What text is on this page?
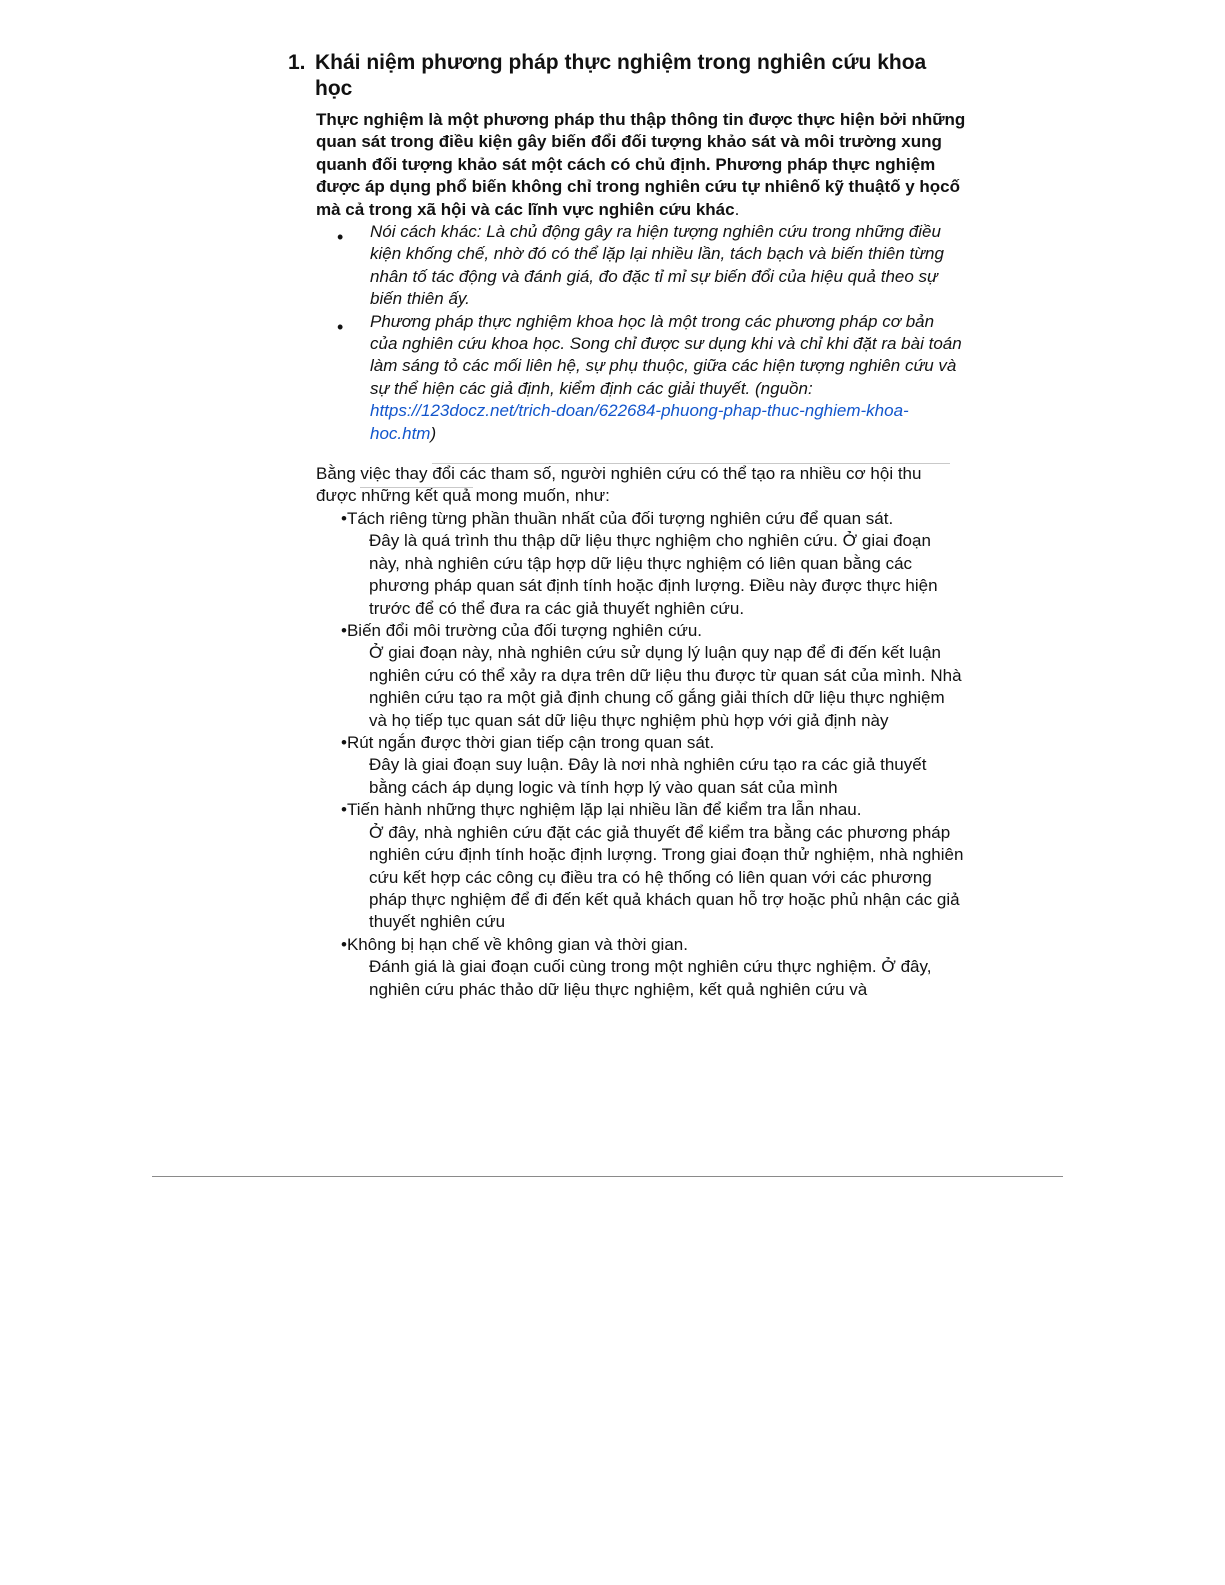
1. Khái niệm phương pháp thực nghiệm trong nghiên cứu khoa học
Thực nghiệm là một phương pháp thu thập thông tin được thực hiện bởi những quan sát trong điều kiện gây biến đổi đối tượng khảo sát và môi trường xung quanh đối tượng khảo sát một cách có chủ định. Phương pháp thực nghiệm được áp dụng phổ biến không chỉ trong nghiên cứu tự nhiênố kỹ thuậtố y họcố mà cả trong xã hội và các lĩnh vực nghiên cứu khác.
• Nói cách khác: Là chủ động gây ra hiện tượng nghiên cứu trong những điều kiện khống chế, nhờ đó có thể lặp lại nhiều lần, tách bạch và biến thiên từng nhân tố tác động và đánh giá, đo đặc tỉ mỉ sự biến đổi của hiệu quả theo sự biến thiên ấy.
• Phương pháp thực nghiệm khoa học là một trong các phương pháp cơ bản của nghiên cứu khoa học. Song chỉ được sư dụng khi và chỉ khi đặt ra bài toán làm sáng tỏ các mối liên hệ, sự phụ thuộc, giữa các hiện tượng nghiên cứu và sự thể hiện các giả định, kiểm định các giải thuyết. (nguồn: https://123docz.net/trich-doan/622684-phuong-phap-thuc-nghiem-khoa-hoc.htm)
Bằng việc thay đổi các tham số, người nghiên cứu có thể tạo ra nhiều cơ hội thu được những kết quả mong muốn, như:
•Tách riêng từng phần thuần nhất của đối tượng nghiên cứu để quan sát.
Đây là quá trình thu thập dữ liệu thực nghiệm cho nghiên cứu. Ở giai đoạn này, nhà nghiên cứu tập hợp dữ liệu thực nghiệm có liên quan bằng các phương pháp quan sát định tính hoặc định lượng. Điều này được thực hiện trước để có thể đưa ra các giả thuyết nghiên cứu.
•Biến đổi môi trường của đối tượng nghiên cứu.
Ở giai đoạn này, nhà nghiên cứu sử dụng lý luận quy nạp để đi đến kết luận nghiên cứu có thể xảy ra dựa trên dữ liệu thu được từ quan sát của mình. Nhà nghiên cứu tạo ra một giả định chung cố gắng giải thích dữ liệu thực nghiệm và họ tiếp tục quan sát dữ liệu thực nghiệm phù hợp với giả định này
•Rút ngắn được thời gian tiếp cận trong quan sát.
Đây là giai đoạn suy luận. Đây là nơi nhà nghiên cứu tạo ra các giả thuyết bằng cách áp dụng logic và tính hợp lý vào quan sát của mình
•Tiến hành những thực nghiệm lặp lại nhiều lần để kiểm tra lẫn nhau.
Ở đây, nhà nghiên cứu đặt các giả thuyết để kiểm tra bằng các phương pháp nghiên cứu định tính hoặc định lượng. Trong giai đoạn thử nghiệm, nhà nghiên cứu kết hợp các công cụ điều tra có hệ thống có liên quan với các phương pháp thực nghiệm để đi đến kết quả khách quan hỗ trợ hoặc phủ nhận các giả thuyết nghiên cứu
•Không bị hạn chế về không gian và thời gian.
Đánh giá là giai đoạn cuối cùng trong một nghiên cứu thực nghiệm. Ở đây, nghiên cứu phác thảo dữ liệu thực nghiệm, kết quả nghiên cứu và
